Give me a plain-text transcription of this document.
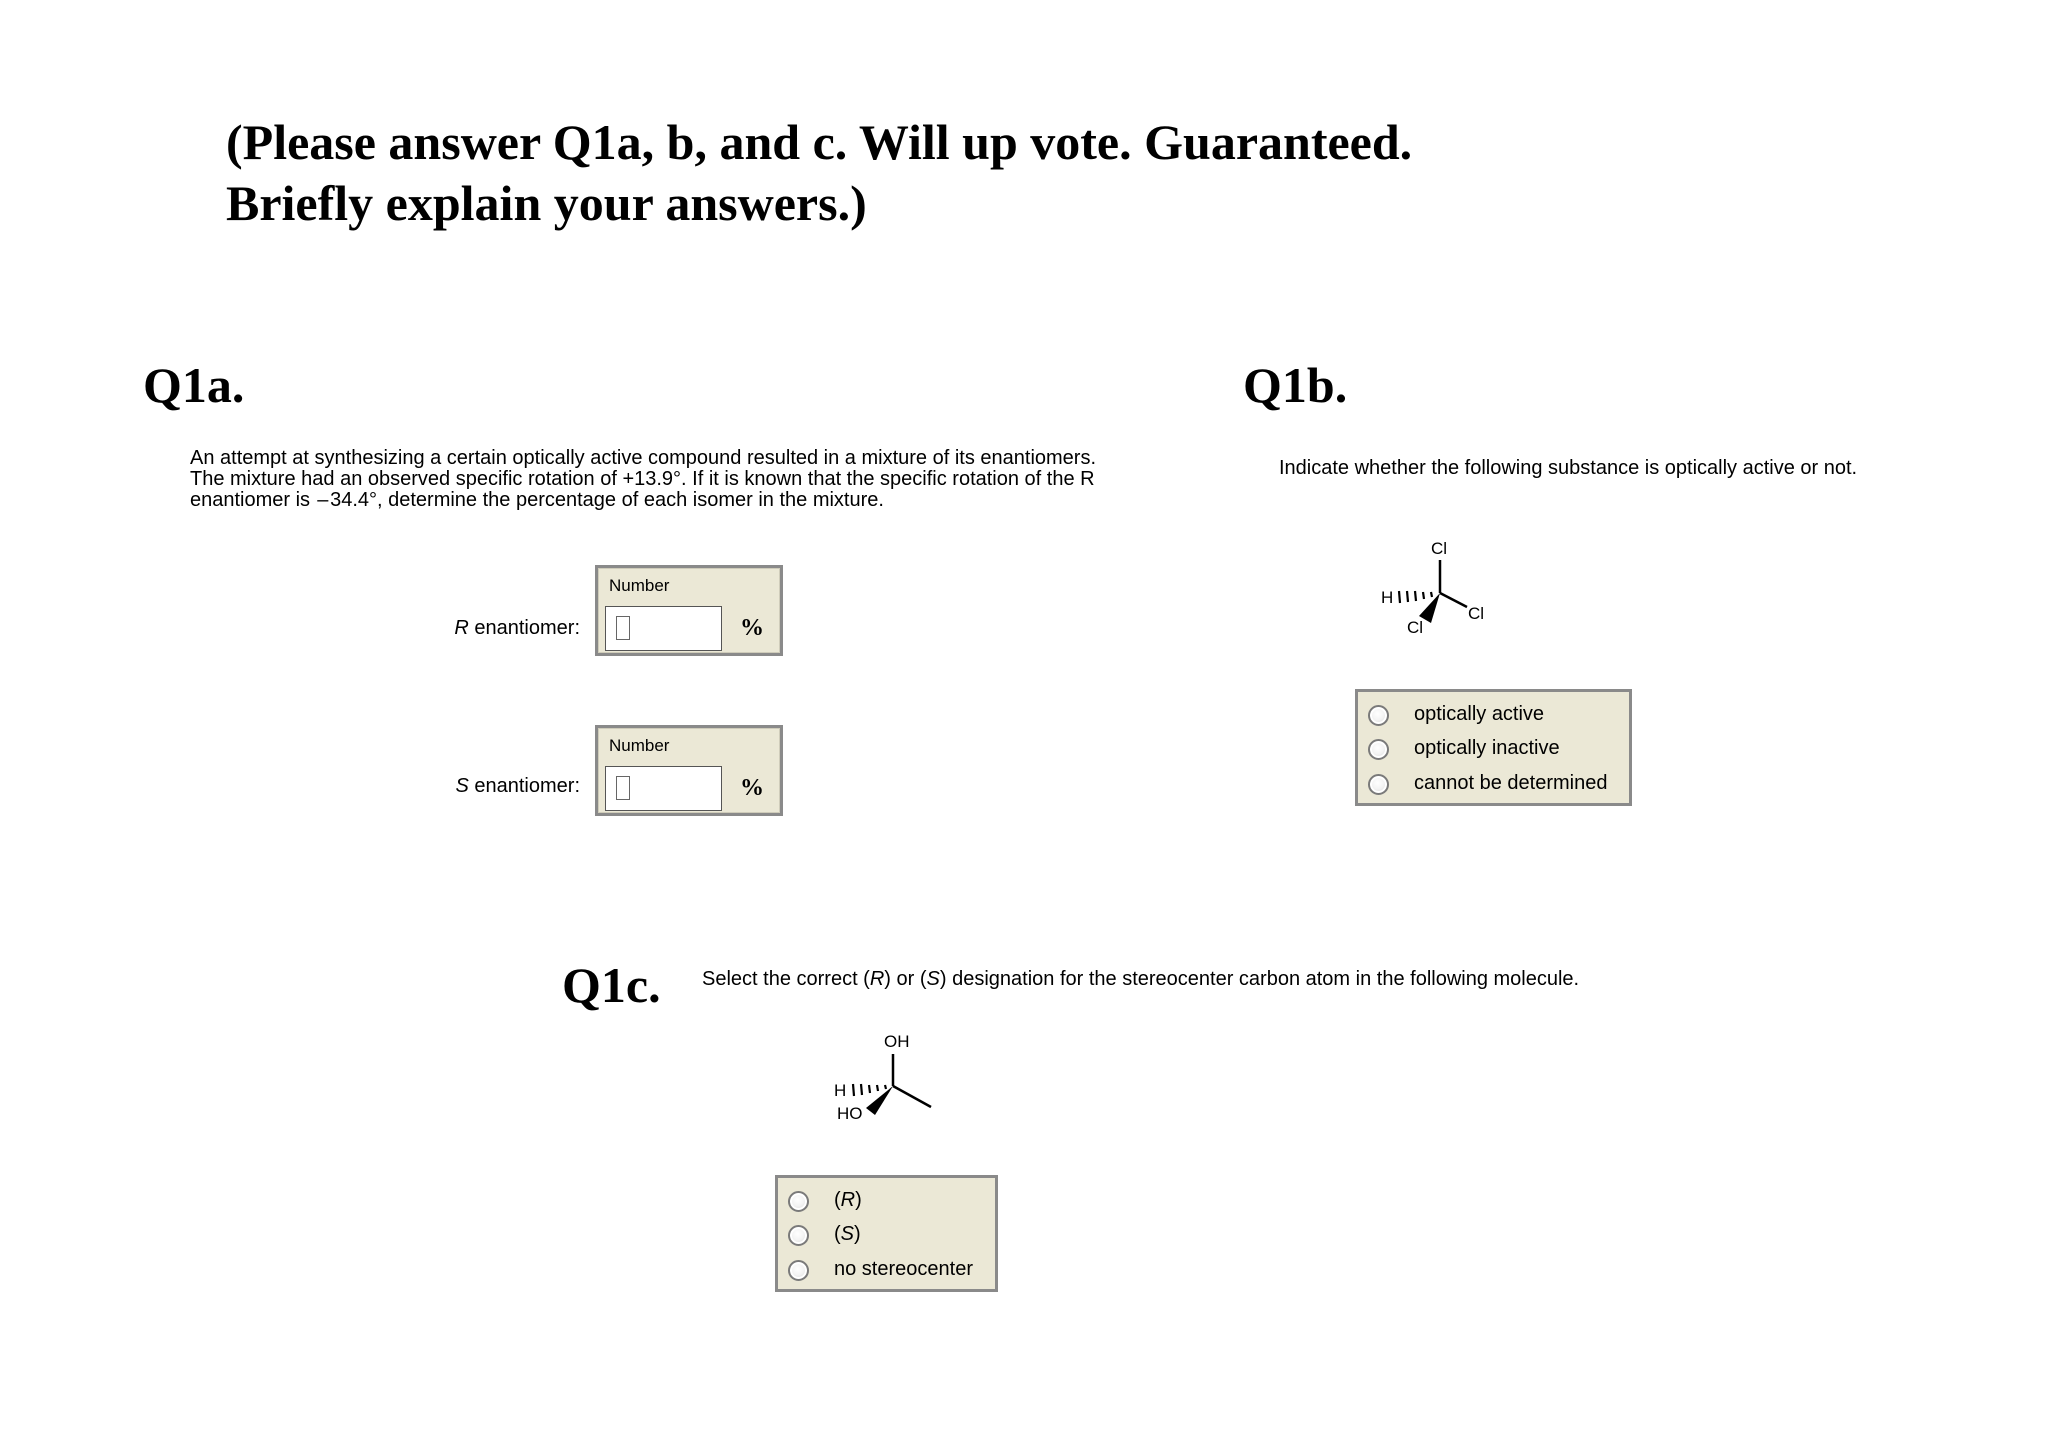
(Please answer Q1a, b, and c. Will up vote. Guaranteed.
Briefly explain your answers.)
Q1a.

An attempt at synthesizing a certain optically active compound resulted in a mixture of its enantiomers.

The mixture had an observed specific rotation of +13.9°. If it is known that the specific rotation of the R

enantiomer is  – 34.4°, determine the percentage of each isomer in the mixture.

R enantiomer:
Number
%
S enantiomer:
Number
%
Q1b.
Indicate whether the following substance is optically active or not.
Cl
H
Cl
Cl
optically active
optically inactive
cannot be determined
Q1c. Select the correct (R) or (S) designation for the stereocenter carbon atom in the following molecule.
OH
H
HO
(R)
(S)
no stereocenter
